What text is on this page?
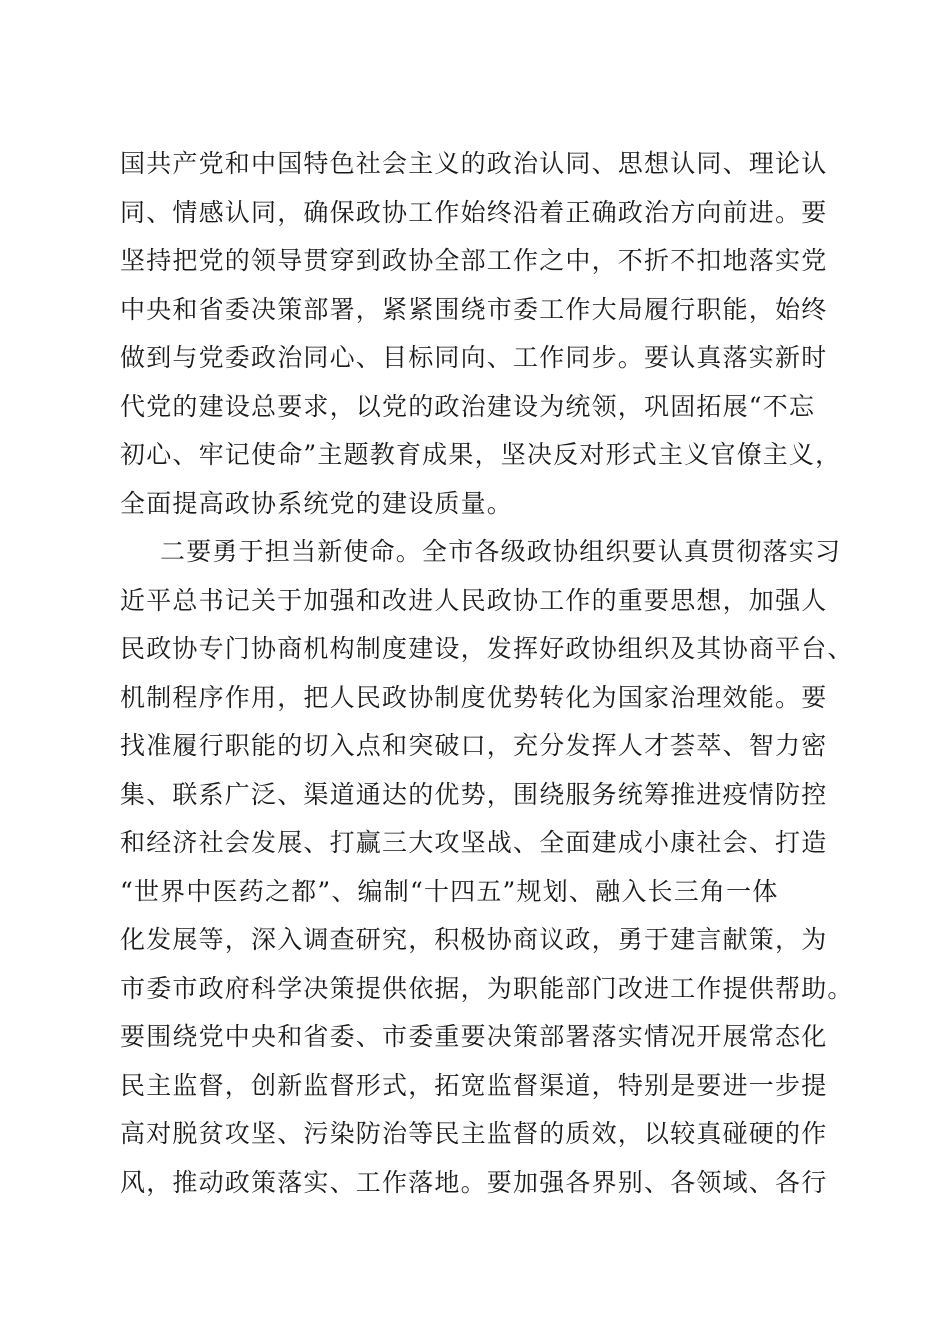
国共产党和中国特色社会主义的政治认同、思想认同、理论认
同、情感认同，确保政协工作始终沿着正确政治方向前进。要
坚持把党的领导贯穿到政协全部工作之中，不折不扣地落实党
中央和省委决策部署，紧紧围绕市委工作大局履行职能，始终
做到与党委政治同心、目标同向、工作同步。要认真落实新时
代党的建设总要求，以党的政治建设为统领，巩固拓展“不忘
初心、牢记使命”主题教育成果，坚决反对形式主义官僚主义，
全面提高政协系统党的建设质量。
二要勇于担当新使命。全市各级政协组织要认真贯彻落实习
近平总书记关于加强和改进人民政协工作的重要思想，加强人
民政协专门协商机构制度建设，发挥好政协组织及其协商平台、
机制程序作用，把人民政协制度优势转化为国家治理效能。要
找准履行职能的切入点和突破口，充分发挥人才荟萃、智力密
集、联系广泛、渠道通达的优势，围绕服务统筹推进疫情防控
和经济社会发展、打赢三大攻坚战、全面建成小康社会、打造
“世界中医药之都”、编制“十四五”规划、融入长三角一体
化发展等，深入调查研究，积极协商议政，勇于建言献策，为
市委市政府科学决策提供依据，为职能部门改进工作提供帮助。
要围绕党中央和省委、市委重要决策部署落实情况开展常态化
民主监督，创新监督形式，拓宽监督渠道，特别是要进一步提
高对脱贫攻坚、污染防治等民主监督的质效，以较真碰硬的作
风，推动政策落实、工作落地。要加强各界别、各领域、各行
